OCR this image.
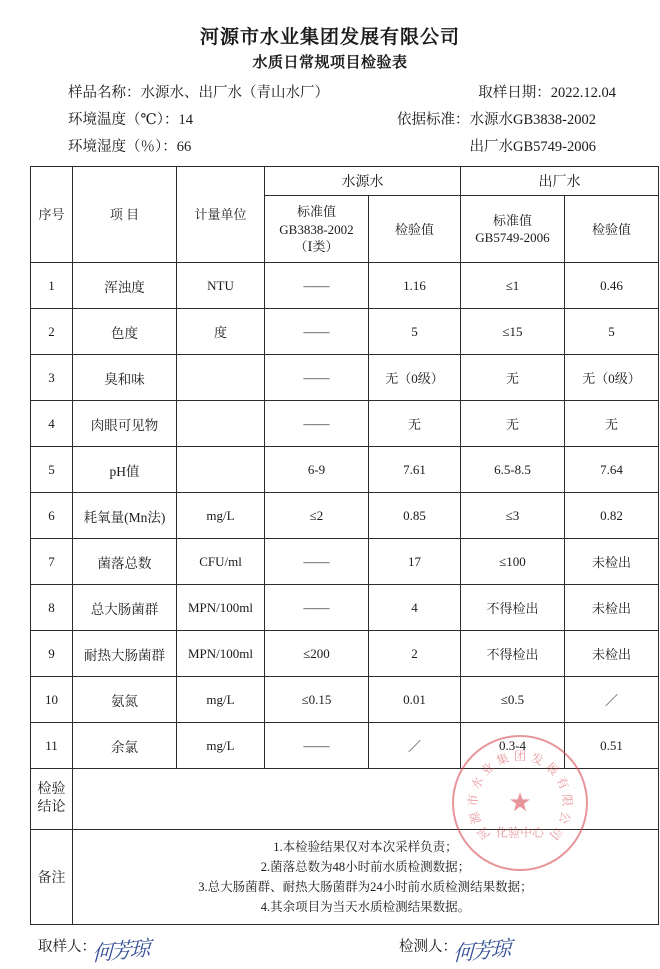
河源市水业集团发展有限公司
水质日常规项目检验表
样品名称：水源水、出厂水（青山水厂）	取样日期：2022.12.04
环境温度（℃）：14	依据标准：水源水GB3838-2002
环境湿度（％）：66	出厂水GB5749-2006
序号	项 目	计量单位	水源水		出厂水	

			标准值
GB3838-2002
（Ⅰ类）	检验值	标准值
GB5749-2006	检验值
1	浑浊度	NTU	——	1.16	≤1	0.46
2	色度	度	——	5	≤15	5
3	臭和味		——	无（0级）	无	无（0级）
4	肉眼可见物		——	无	无	无
5	pH值		6-9	7.61	6.5-8.5	7.64
6	耗氧量(Mn法)	mg/L	≤2	0.85	≤3	0.82
7	菌落总数	CFU/ml	——	17	≤100	未检出
8	总大肠菌群	MPN/100ml	——	4	不得检出	未检出
9	耐热大肠菌群	MPN/100ml	≤200	2	不得检出	未检出
10	氨氮	mg/L	≤0.15	0.01	≤0.5	／
11	余氯	mg/L	——	／	0.3-4	0.51
检验
结论						
备注	1.本检验结果仅对本次采样负责；
2.菌落总数为48小时前水质检测数据；
3.总大肠菌群、耐热大肠菌群为24小时前水质检测结果数据；
4.其余项目为当天水质检测结果数据。					
取样人：
何芳琼	检测人：
何芳琼
河
源
市
水
业
集 团 发
展
有
限
公
司
★
化验中心
